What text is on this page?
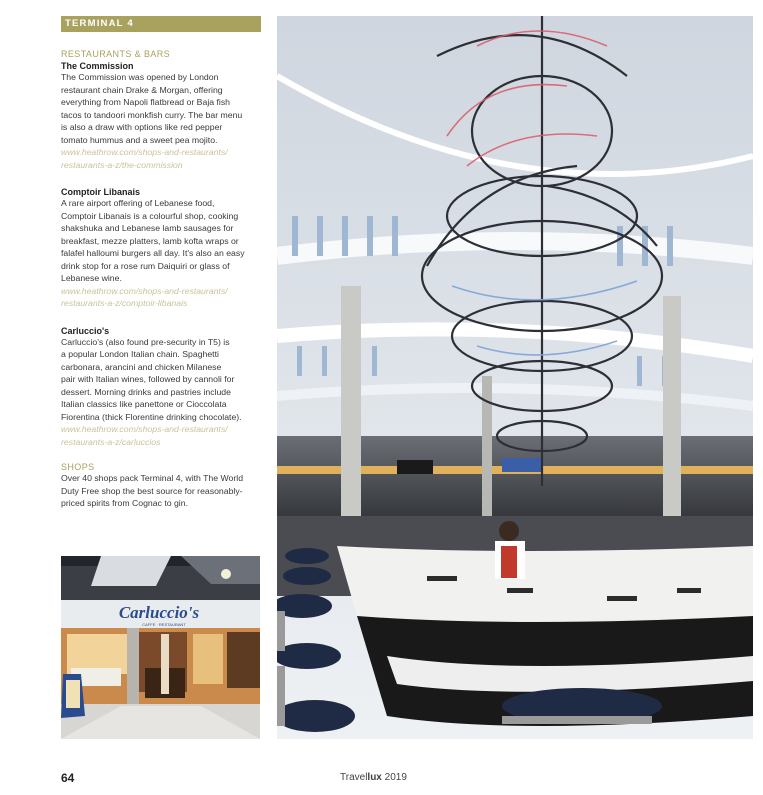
TERMINAL 4
RESTAURANTS & BARS
The Commission
The Commission was opened by London
restaurant chain Drake & Morgan, offering
everything from Napoli flatbread or Baja fish
tacos to tandoori monkfish curry. The bar menu
is also a draw with options like red pepper
tomato hummus and a sweet pea mojito.
www.heathrow.com/shops-and-restaurants/
restaurants-a-z/the-commission
Comptoir Libanais
A rare airport offering of Lebanese food,
Comptoir Libanais is a colourful shop, cooking
shakshuka and Lebanese lamb sausages for
breakfast, mezze platters, lamb kofta wraps or
falafel halloumi burgers all day. It's also an easy
drink stop for a rose rum Daiquiri or glass of
Lebanese wine.
www.heathrow.com/shops-and-restaurants/
restaurants-a-z/comptoir-libanais
Carluccio's
Carluccio's (also found pre-security in T5) is
a popular London Italian chain. Spaghetti
carbonara, arancini and chicken Milanese
pair with Italian wines, followed by cannoli for
dessert. Morning drinks and pastries include
Italian classics like panettone or Cioccolata
Fiorentina (thick Florentine drinking chocolate).
www.heathrow.com/shops-and-restaurants/
restaurants-a-z/carluccios
SHOPS
Over 40 shops pack Terminal 4, with The World
Duty Free shop the best source for reasonably-
priced spirits from Cognac to gin.
Carluccio's
CAFFE · RESTAURANT
64	Travellux 2019
